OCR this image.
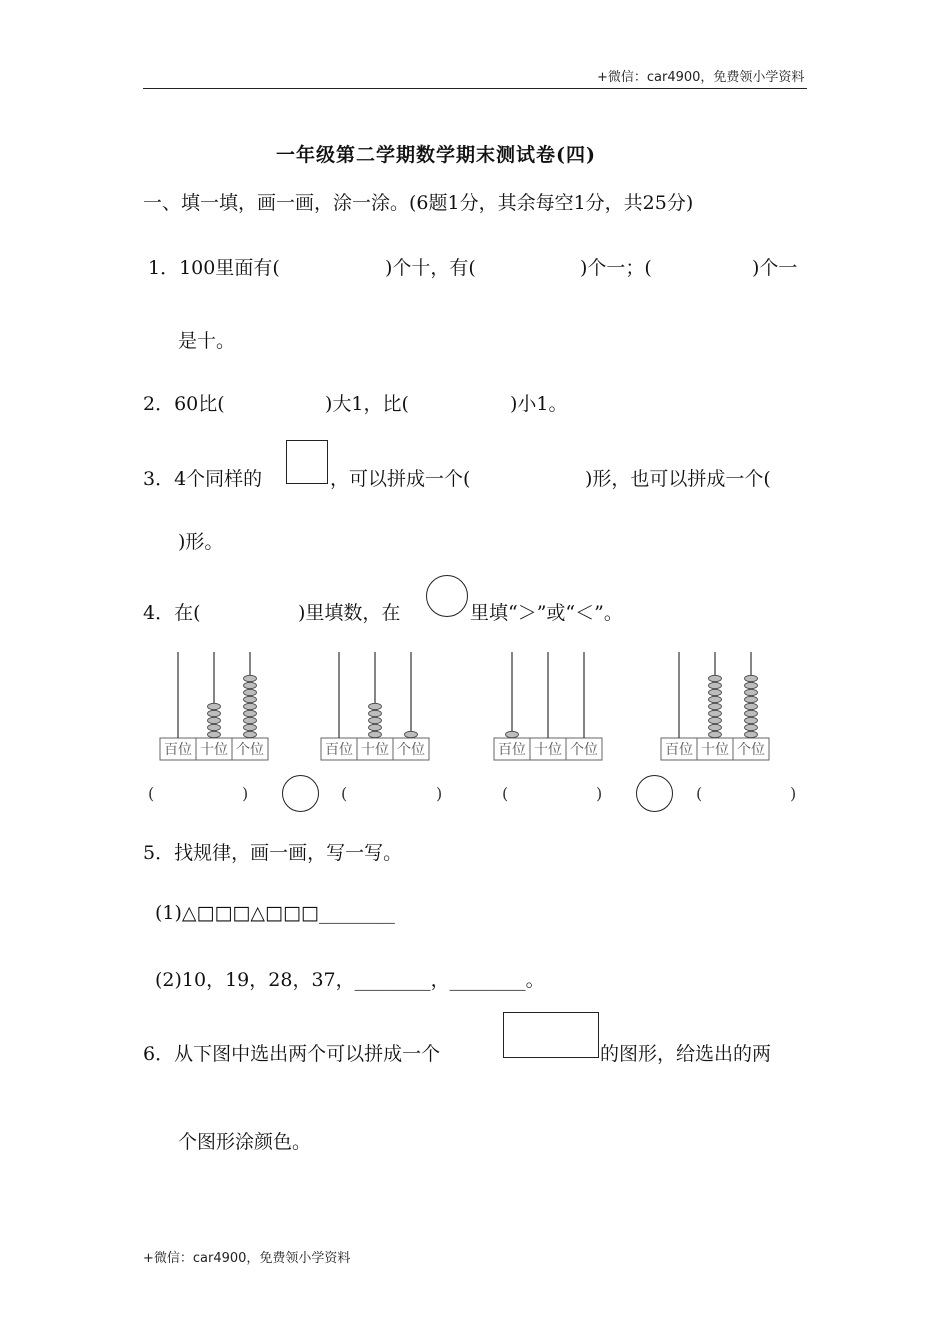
+微信：car4900，免费领小学资料
一年级第二学期数学期末测试卷(四)
一、填一填，画一画，涂一涂。(6题1分，其余每空1分，共25分)
1．100里面有(	)个十，有(	)个一；(	)个一
是十。
2．60比(	)大1，比(	)小1。
3．4个同样的	，可以拼成一个(	)形，也可以拼成一个(
)形。
4．在(	)里填数，在	里填“＞”或“＜”。
百位 十位 个位	百位 十位 个位	百位 十位 个位	百位 十位 个位
(	)	(	)	(	)	(	)
5．找规律，画一画，写一写。
(1)△□□□△□□□________
(2)10，19，28，37，________，________。
6．从下图中选出两个可以拼成一个	的图形，给选出的两
个图形涂颜色。
+微信：car4900，免费领小学资料
